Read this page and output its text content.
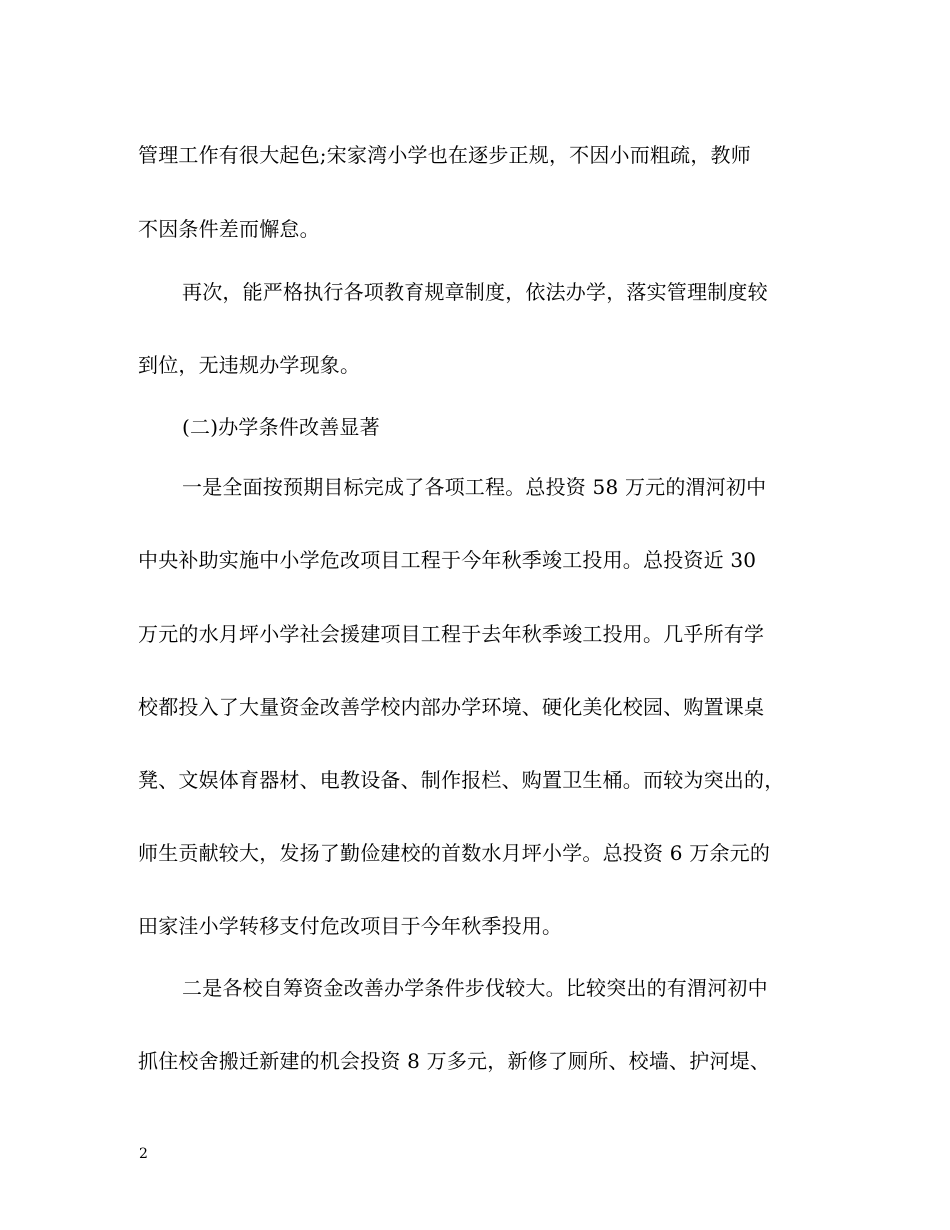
管理工作有很大起色;宋家湾小学也在逐步正规，不因小而粗疏，教师
不因条件差而懈怠。
再次，能严格执行各项教育规章制度，依法办学，落实管理制度较
到位，无违规办学现象。
(二)办学条件改善显著
一是全面按预期目标完成了各项工程。总投资 58 万元的渭河初中
中央补助实施中小学危改项目工程于今年秋季竣工投用。总投资近 30
万元的水月坪小学社会援建项目工程于去年秋季竣工投用。几乎所有学
校都投入了大量资金改善学校内部办学环境、硬化美化校园、购置课桌
凳、文娱体育器材、电教设备、制作报栏、购置卫生桶。而较为突出的，
师生贡献较大，发扬了勤俭建校的首数水月坪小学。总投资 6 万余元的
田家洼小学转移支付危改项目于今年秋季投用。
二是各校自筹资金改善办学条件步伐较大。比较突出的有渭河初中
抓住校舍搬迁新建的机会投资 8 万多元，新修了厕所、校墙、护河堤、
2
